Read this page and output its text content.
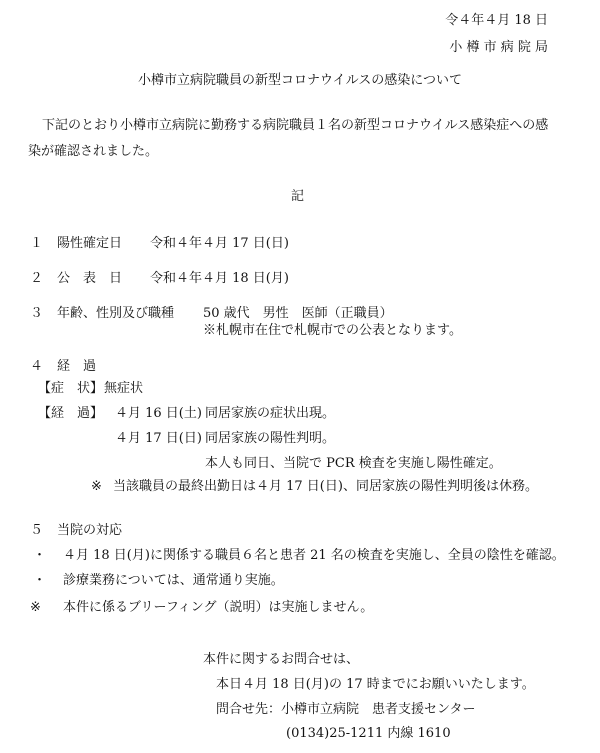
令４年４月 18 日
小 樽 市 病 院 局
小樽市立病院職員の新型コロナウイルスの感染について
下記のとおり小樽市立病院に勤務する病院職員１名の新型コロナウイルス感染症への感
染が確認されました。
記
１ 陽性確定日 令和４年４月 17 日(日)
２ 公　表　日 令和４年４月 18 日(月)
３ 年齢、性別及び職種 50 歳代　男性　医師（正職員）
※札幌市在住で札幌市での公表となります。
４ 経　過
【症　状】 無症状
【経　過】 ４月 16 日(土) 同居家族の症状出現。
４月 17 日(日) 同居家族の陽性判明。
本人も同日、当院で PCR 検査を実施し陽性確定。
※ 当該職員の最終出勤日は４月 17 日(日)、同居家族の陽性判明後は休務。
５ 当院の対応
・ ４月 18 日(月)に関係する職員６名と患者 21 名の検査を実施し、全員の陰性を確認。
・ 診療業務については、通常通り実施。
※ 本件に係るブリーフィング（説明）は実施しません。
本件に関するお問合せは、
本日４月 18 日(月)の 17 時までにお願いいたします。
問合せ先：小樽市立病院　患者支援センター
(0134)25-1211 内線 1610
